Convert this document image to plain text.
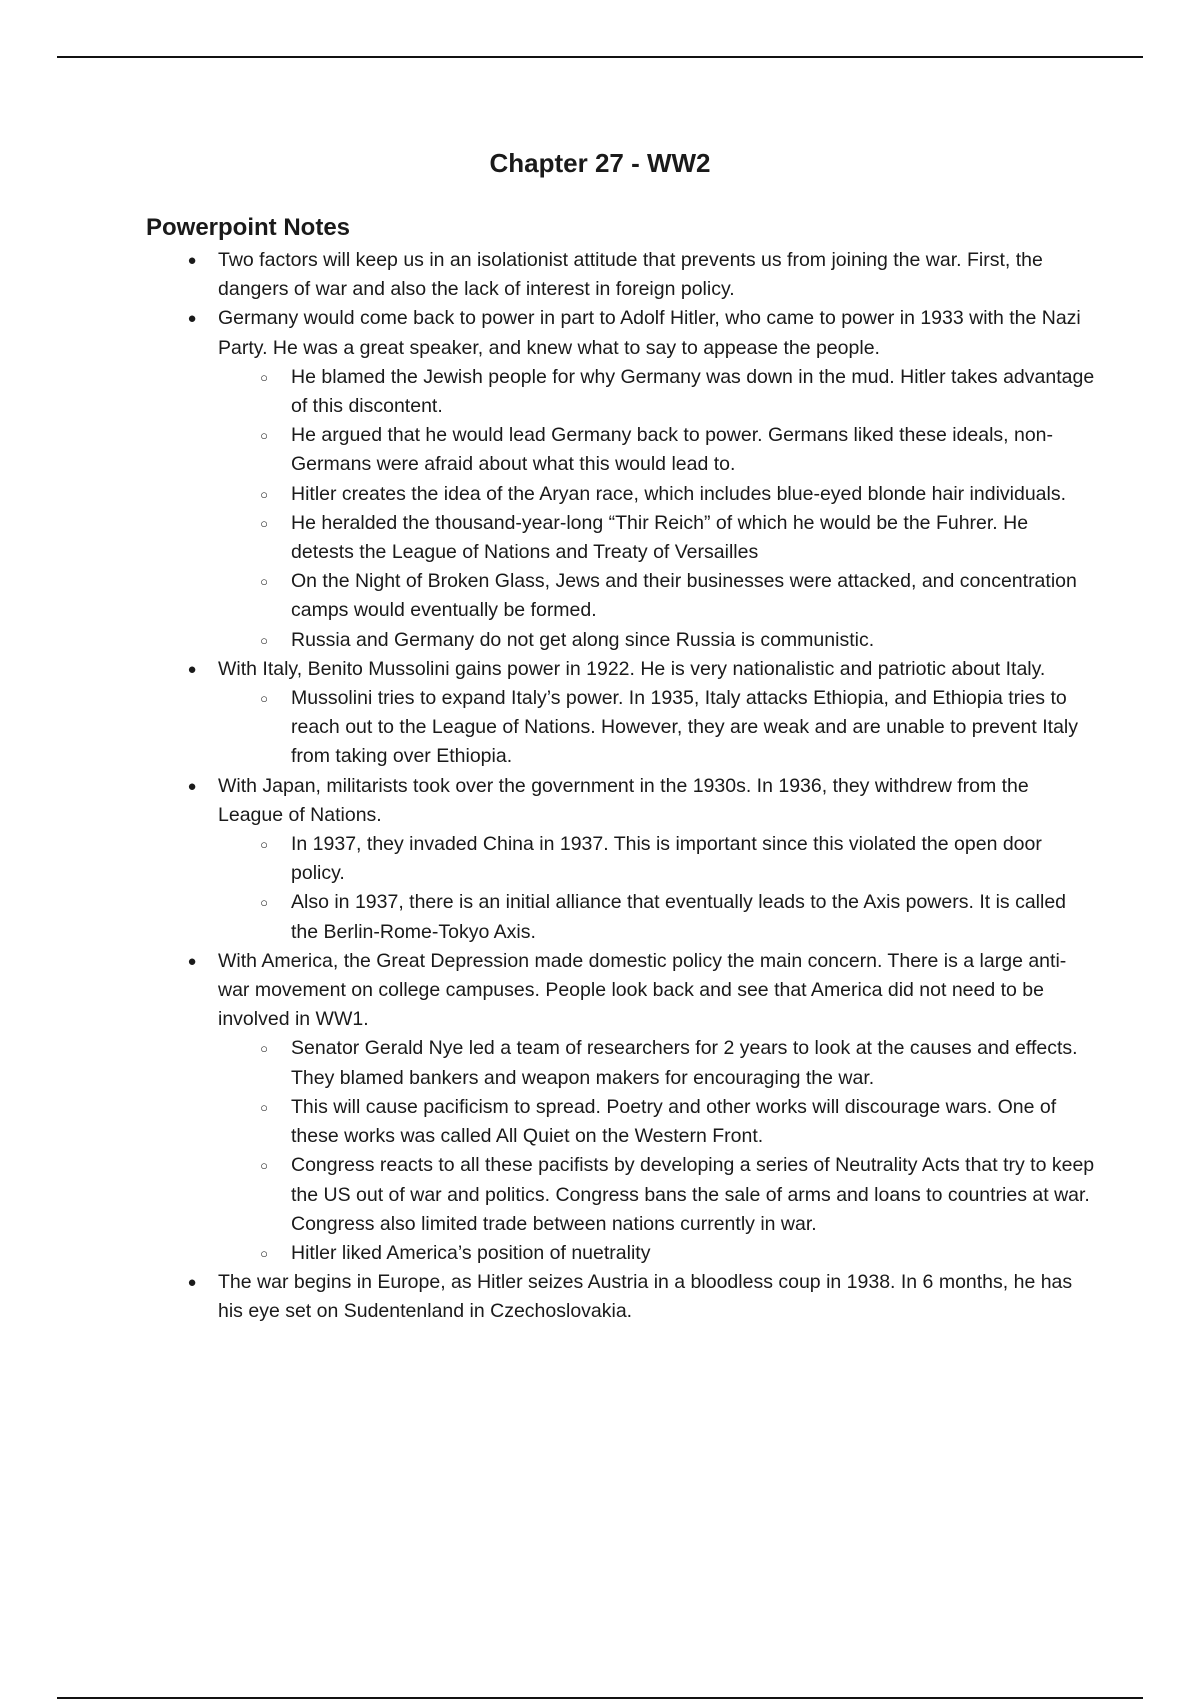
Chapter 27 - WW2
Powerpoint Notes
● Two factors will keep us in an isolationist attitude that prevents us from joining the war. First, the dangers of war and also the lack of interest in foreign policy.
● Germany would come back to power in part to Adolf Hitler, who came to power in 1933 with the Nazi Party. He was a great speaker, and knew what to say to appease the people.
○	He blamed the Jewish people for why Germany was down in the mud. Hitler takes advantage of this discontent.
○	He argued that he would lead Germany back to power. Germans liked these ideals, non-Germans were afraid about what this would lead to.
○	Hitler creates the idea of the Aryan race, which includes blue-eyed blonde hair individuals.
○	He heralded the thousand-year-long “Thir Reich” of which he would be the Fuhrer. He detests the League of Nations and Treaty of Versailles
○	On the Night of Broken Glass, Jews and their businesses were attacked, and concentration camps would eventually be formed.
○	Russia and Germany do not get along since Russia is communistic.
● With Italy, Benito Mussolini gains power in 1922. He is very nationalistic and patriotic about Italy.
○	Mussolini tries to expand Italy’s power. In 1935, Italy attacks Ethiopia, and Ethiopia tries to reach out to the League of Nations. However, they are weak and are unable to prevent Italy from taking over Ethiopia.
● With Japan, militarists took over the government in the 1930s. In 1936, they withdrew from the League of Nations.
○	In 1937, they invaded China in 1937. This is important since this violated the open door policy.
○	Also in 1937, there is an initial alliance that eventually leads to the Axis powers. It is called the Berlin-Rome-Tokyo Axis.
● With America, the Great Depression made domestic policy the main concern. There is a large anti-war movement on college campuses. People look back and see that America did not need to be involved in WW1.
○	Senator Gerald Nye led a team of researchers for 2 years to look at the causes and effects. They blamed bankers and weapon makers for encouraging the war.
○	This will cause pacificism to spread. Poetry and other works will discourage wars. One of these works was called All Quiet on the Western Front.
○	Congress reacts to all these pacifists by developing a series of Neutrality Acts that try to keep the US out of war and politics. Congress bans the sale of arms and loans to countries at war. Congress also limited trade between nations currently in war.
○	Hitler liked America’s position of nuetrality
● The war begins in Europe, as Hitler seizes Austria in a bloodless coup in 1938. In 6 months, he has his eye set on Sudentenland in Czechoslovakia.
